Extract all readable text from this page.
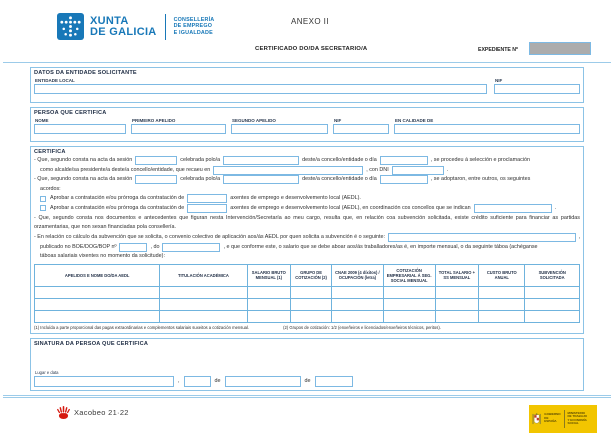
XUNTA
DE GALICIA
CONSELLERÍA
DE EMPREGO
E IGUALDADE
ANEXO II
CERTIFICADO DO/DA SECRETARIO/A	EXPEDIENTE Nº
DATOS DA ENTIDADE SOLICITANTE
ENTIDADE LOCAL	NIF
PERSOA QUE CERTIFICA
NOME	PRIMEIRO APELIDO	SEGUNDO APELIDO	NIF	EN CALIDADE DE
CERTIFICA
- Que, segundo consta na acta da sesión	celebrada polo/a	deste/a concello/entidade o día	, se procedeu á selección e proclamación
como alcalde/sa presidente/a deste/a concello/entidade, que recaeu en	, con DNI	.
- Que, segundo consta na acta da sesión	celebrada polo/a	deste/a concello/entidade o día	, se adoptaron, entre outros, os seguintes
acordos:
Aprobar a contratación e/ou prórroga da contratación de	axentes de emprego e desenvolvemento local (AEDL).
Aprobar a contratación e/ou prórroga da contratación de	axentes de emprego e desenvolvemento local (AEDL), en coordinación cos concellos que se indican	.
- Que, segundo consta nos documentos e antecedentes que figuran nesta Intervención/Secretaría ao meu cargo, resulta que, en relación coa subvención solicitada, existe crédito suficiente para financiar as partidas orzamentarias, que non sexan financiadas pola consellería.
- En relación co cálculo da subvención que se solicita, o convenio colectivo de aplicación aos/ás AEDL por quen solicita a subvención é o seguinte:	,
publicado no BOE/DOG/BOP nº	, do	, e que conforme este, o salario que se debe aboar aos/ás traballadores/as é, en importe mensual, o da seguinte táboa (achéganse
táboas salariais vixentes no momento da solicitude):
APELIDOS E NOME DO/DA AEDL	TITULACIÓN ACADÉMICA	SALARIO BRUTO MENSUAL (1)	GRUPO DE COTIZACIÓN (2)	CNAE 2009 (4 díxitos) / OCUPACIÓN (letra)	COTIZACIÓN EMPRESARIAL Á SEG. SOCIAL MENSUAL	TOTAL SALARIO + SS MENSUAL	CUSTO BRUTO ANUAL	SUBVENCIÓN SOLICITADA

(1) Incluída a parte proporcional das pagas extraordinarias e complementos salariais suxeitos a cotización mensual.	(2) Grupos de cotización: 1/2 (enxeñeiros e licenciados/enxeñeiros técnicos, peritos).
SINATURA DA PERSOA QUE CERTIFICA
Lugar e data
,	de	de
Xacobeo 21·22	GOBIERNO
DE ESPAÑA
MINISTERIO
DE TRABAJO
Y ECONOMÍA SOCIAL
